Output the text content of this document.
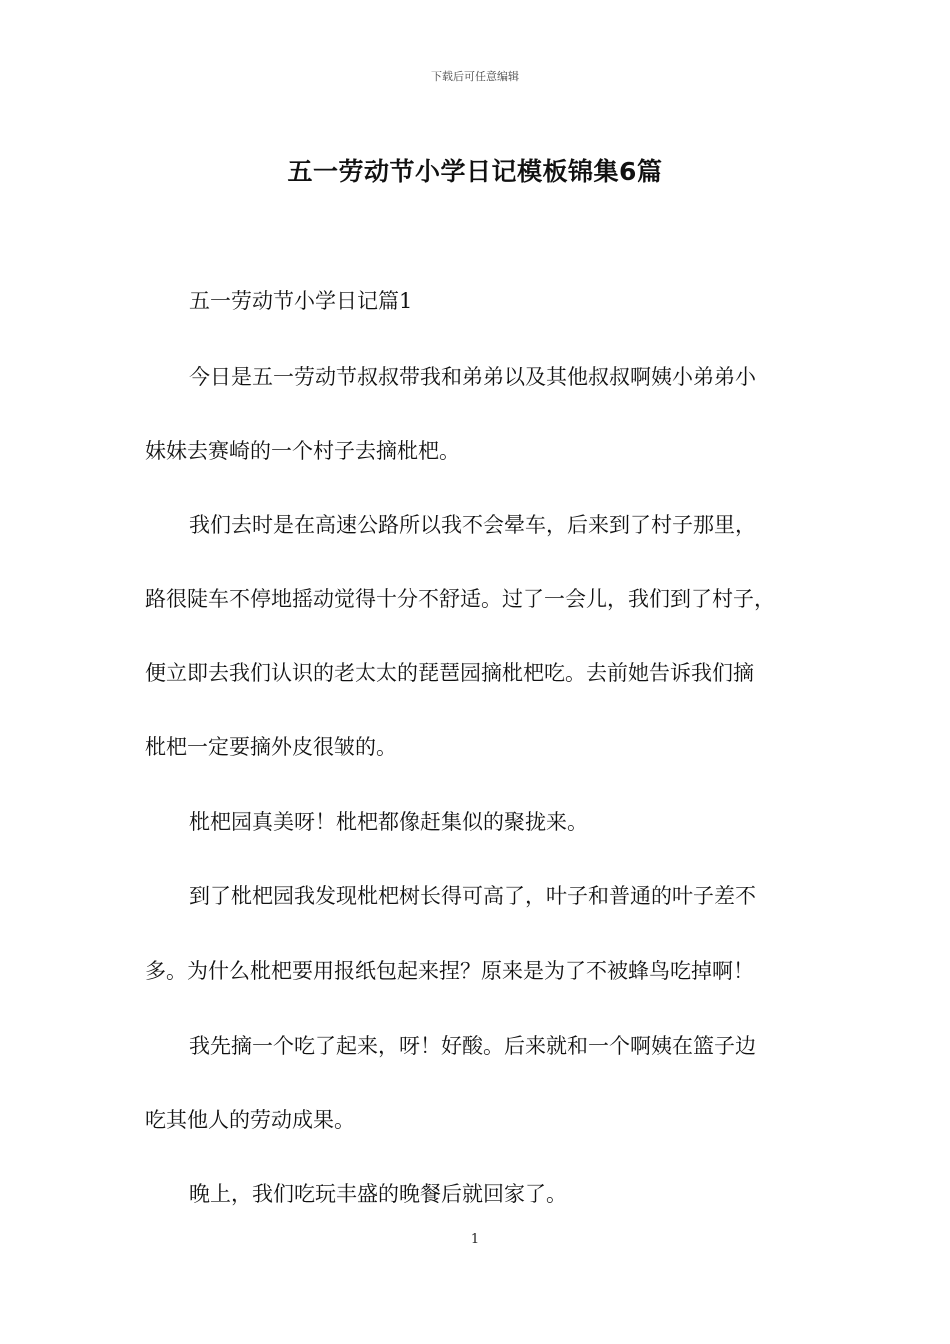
下载后可任意编辑
五一劳动节小学日记模板锦集6篇
五一劳动节小学日记篇1
今日是五一劳动节叔叔带我和弟弟以及其他叔叔啊姨小弟弟小
妹妹去赛崎的一个村子去摘枇杷。
我们去时是在高速公路所以我不会晕车，后来到了村子那里，
路很陡车不停地摇动觉得十分不舒适。过了一会儿，我们到了村子，
便立即去我们认识的老太太的琵琶园摘枇杷吃。去前她告诉我们摘
枇杷一定要摘外皮很皱的。
枇杷园真美呀！枇杷都像赶集似的聚拢来。
到了枇杷园我发现枇杷树长得可高了，叶子和普通的叶子差不
多。为什么枇杷要用报纸包起来捏？原来是为了不被蜂鸟吃掉啊！
我先摘一个吃了起来，呀！好酸。后来就和一个啊姨在篮子边
吃其他人的劳动成果。
晚上，我们吃玩丰盛的晚餐后就回家了。
1
